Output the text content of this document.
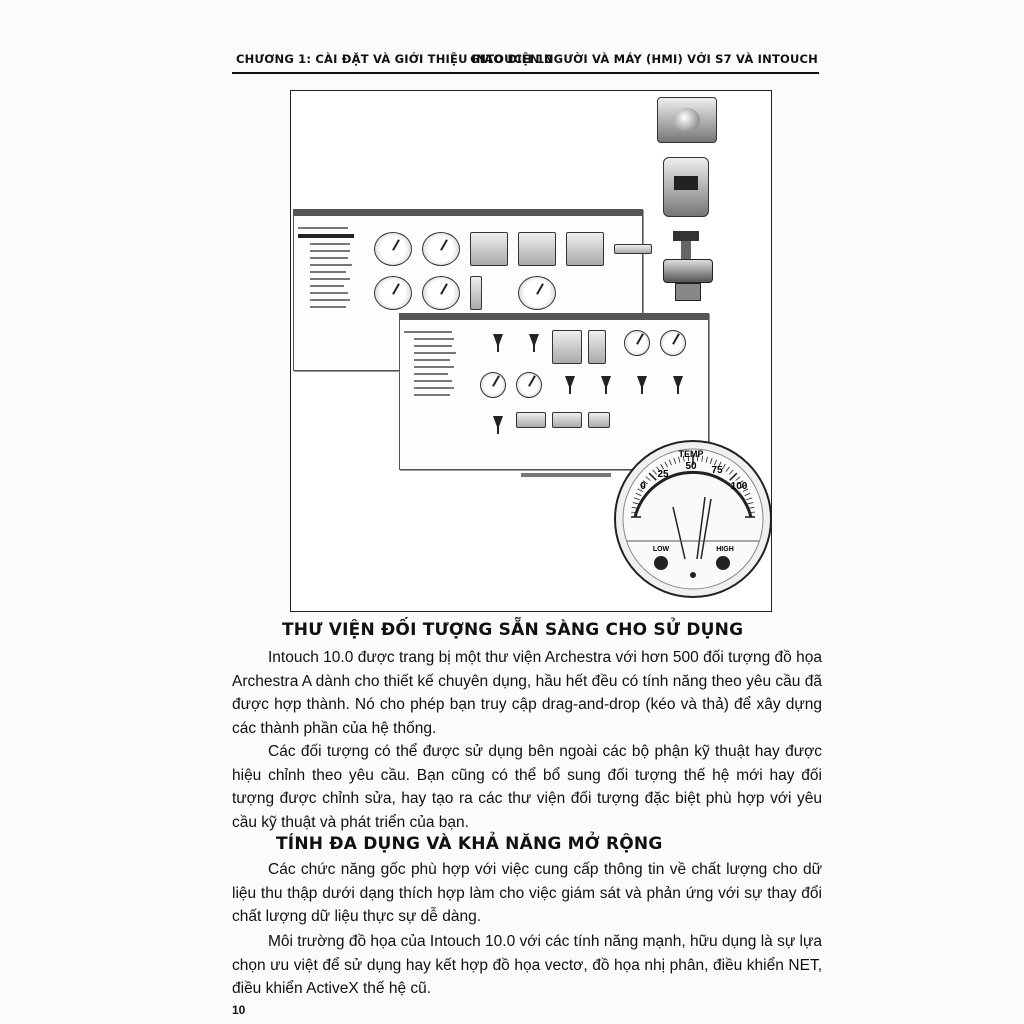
CHƯƠNG 1: CÀI ĐẶT VÀ GIỚI THIỆU INTOUCH 10
GIAO DIỆN NGƯỜI VÀ MÁY (HMI) VỚI S7 VÀ INTOUCH
TEMP
0
25
50 75
100
LOW	HIGH
THƯ VIỆN ĐỐI TƯỢNG SẴN SÀNG CHO SỬ DỤNG
Intouch 10.0 được trang bị một thư viện Archestra với hơn 500 đối tượng đồ họa Archestra A dành cho thiết kế chuyên dụng, hầu hết đều có tính năng theo yêu cầu đã được hợp thành. Nó cho phép bạn truy cập drag-and-drop (kéo và thả) để xây dựng các thành phần của hệ thống.
Các đối tượng có thể được sử dụng bên ngoài các bộ phận kỹ thuật hay được hiệu chỉnh theo yêu cầu. Bạn cũng có thể bổ sung đối tượng thế hệ mới hay đối tượng được chỉnh sửa, hay tạo ra các thư viện đối tượng đặc biệt phù hợp với yêu cầu kỹ thuật và phát triển của bạn.
TÍNH ĐA DỤNG VÀ KHẢ NĂNG MỞ RỘNG
Các chức năng gốc phù hợp với việc cung cấp thông tin về chất lượng cho dữ liệu thu thập dưới dạng thích hợp làm cho việc giám sát và phản ứng với sự thay đổi chất lượng dữ liệu thực sự dễ dàng.
Môi trường đồ họa của Intouch 10.0 với các tính năng mạnh, hữu dụng là sự lựa chọn ưu việt để sử dụng hay kết hợp đồ họa vectơ, đồ họa nhị phân, điều khiển NET, điều khiển ActiveX thế hệ cũ.
10
